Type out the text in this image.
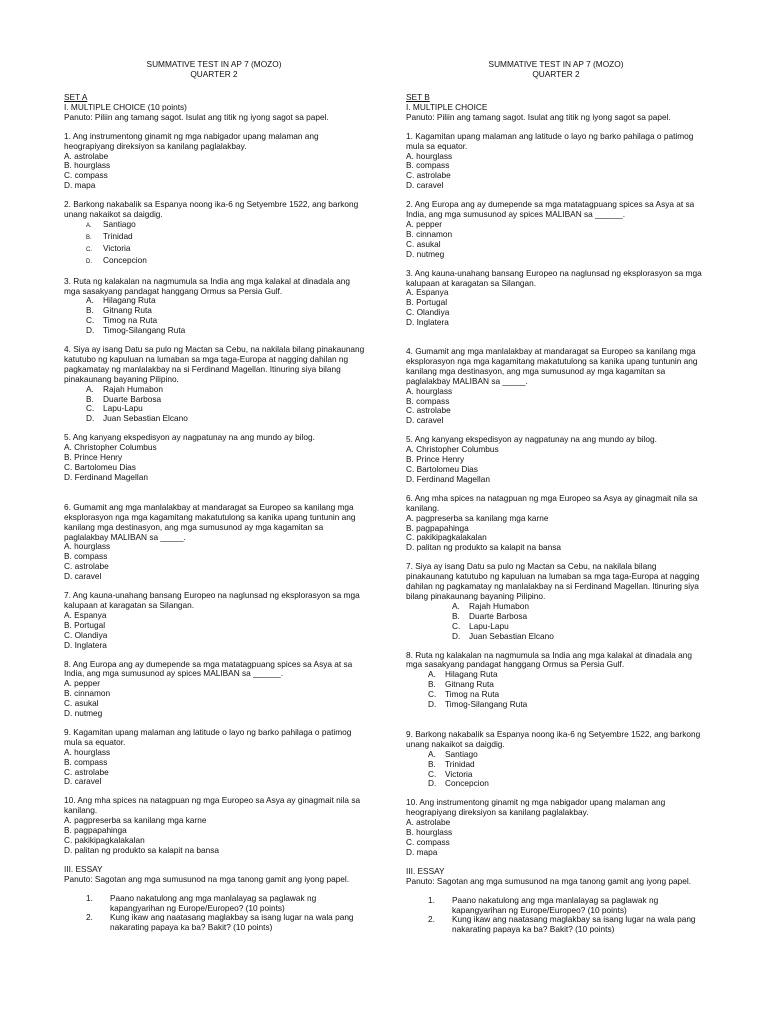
SUMMATIVE TEST IN AP 7 (MOZO)
QUARTER 2
SET A
I. MULTIPLE CHOICE (10 points)
Panuto: Piliin ang tamang sagot. Isulat ang titik ng iyong sagot sa papel.
1. Ang instrumentong ginamit ng mga nabigador upang malaman ang heograpiyang direksiyon sa kanilang paglalakbay.
A. astrolabe
B. hourglass
C. compass
D. mapa
2. Barkong nakabalik sa Espanya noong ika-6 ng Setyembre 1522, ang barkong unang nakaikot sa daigdig.
A. Santiago
B. Trinidad
C. Victoria
D. Concepcion
3. Ruta ng kalakalan na nagmumula sa India ang mga kalakal at dinadala ang mga sasakyang pandagat hanggang Ormus sa Persia Gulf.
A. Hilagang Ruta
B. Gitnang Ruta
C. Timog na Ruta
D. Timog-Silangang Ruta
4. Siya ay isang Datu sa pulo ng Mactan sa Cebu, na nakilala bilang pinakaunang katutubo ng kapuluan na lumaban sa mga taga-Europa at nagging dahilan ng pagkamatay ng manlalakbay na si Ferdinand Magellan. Itinuring siya bilang pinakaunang bayaning Pilipino.
A. Rajah Humabon
B. Duarte Barbosa
C. Lapu-Lapu
D. Juan Sebastian Elcano
5. Ang kanyang ekspedisyon ay nagpatunay na ang mundo ay bilog.
A. Christopher Columbus
B. Prince Henry
C. Bartolomeu Dias
D. Ferdinand Magellan
6. Gumamit ang mga manlalakbay at mandaragat sa Europeo sa kanilang mga eksplorasyon nga mga kagamitang makatutulong sa kanika upang tuntunin ang kanilang mga destinasyon, ang mga sumusunod ay mga kagamitan sa paglalakbay MALIBAN sa _____.
A. hourglass
B. compass
C. astrolabe
D. caravel
7. Ang kauna-unahang bansang Europeo na naglunsad ng eksplorasyon sa mga kalupaan at karagatan sa Silangan.
A. Espanya
B. Portugal
C. Olandiya
D. Inglatera
8. Ang Europa ang ay dumepende sa mga matatagpuang spices sa Asya at sa India, ang mga sumusunod ay spices MALIBAN sa ______.
A. pepper
B. cinnamon
C. asukal
D. nutmeg
9. Kagamitan upang malaman ang latitude o layo ng barko pahilaga o patimog mula sa equator.
A. hourglass
B. compass
C. astrolabe
D. caravel
10. Ang mha spices na natagpuan ng mga Europeo sa Asya ay ginagmait nila sa kanilang.
A. pagpreserba sa kanilang mga karne
B. pagpapahinga
C. pakikipagkalakalan
D. palitan ng produkto sa kalapit na bansa
III. ESSAY
Panuto: Sagotan ang mga sumusunod na mga tanong gamit ang iyong papel.
1.	Paano nakatulong ang mga manlalayag sa paglawak ng kapangyarihan ng Europe/Europeo? (10 points)
2.	Kung ikaw ang naatasang maglakbay sa isang lugar na wala pang nakarating papaya ka ba? Bakit? (10 points)
SUMMATIVE TEST IN AP 7 (MOZO)
QUARTER 2
SET B
I. MULTIPLE CHOICE
Panuto: Piliin ang tamang sagot. Isulat ang titik ng iyong sagot sa papel.
1. Kagamitan upang malaman ang latitude o layo ng barko pahilaga o patimog mula sa equator.
A. hourglass
B. compass
C. astrolabe
D. caravel
2. Ang Europa ang ay dumepende sa mga matatagpuang spices sa Asya at sa India, ang mga sumusunod ay spices MALIBAN sa ______.
A. pepper
B. cinnamon
C. asukal
D. nutmeg
3. Ang kauna-unahang bansang Europeo na naglunsad ng eksplorasyon sa mga kalupaan at karagatan sa Silangan.
A. Espanya
B. Portugal
C. Olandiya
D. Inglatera
4. Gumamit ang mga manlalakbay at mandaragat sa Europeo sa kanilang mga eksplorasyon nga mga kagamitang makatutulong sa kanika upang tuntunin ang kanilang mga destinasyon, ang mga sumusunod ay mga kagamitan sa paglalakbay MALIBAN sa _____.
A. hourglass
B. compass
C. astrolabe
D. caravel
5. Ang kanyang ekspedisyon ay nagpatunay na ang mundo ay bilog.
A. Christopher Columbus
B. Prince Henry
C. Bartolomeu Dias
D. Ferdinand Magellan
6. Ang mha spices na natagpuan ng mga Europeo sa Asya ay ginagmait nila sa kanilang.
A. pagpreserba sa kanilang mga karne
B. pagpapahinga
C. pakikipagkalakalan
D. palitan ng produkto sa kalapit na bansa
7. Siya ay isang Datu sa pulo ng Mactan sa Cebu, na nakilala bilang pinakaunang katutubo ng kapuluan na lumaban sa mga taga-Europa at nagging dahilan ng pagkamatay ng manlalakbay na si Ferdinand Magellan. Itinuring siya bilang pinakaunang bayaning Pilipino.
A. Rajah Humabon
B. Duarte Barbosa
C. Lapu-Lapu
D. Juan Sebastian Elcano
8. Ruta ng kalakalan na nagmumula sa India ang mga kalakal at dinadala ang mga sasakyang pandagat hanggang Ormus sa Persia Gulf.
A. Hilagang Ruta
B. Gitnang Ruta
C. Timog na Ruta
D. Timog-Silangang Ruta
9. Barkong nakabalik sa Espanya noong ika-6 ng Setyembre 1522, ang barkong unang nakaikot sa daigdig.
A. Santiago
B. Trinidad
C. Victoria
D. Concepcion
10. Ang instrumentong ginamit ng mga nabigador upang malaman ang heograpiyang direksiyon sa kanilang paglalakbay.
A. astrolabe
B. hourglass
C. compass
D. mapa
III. ESSAY
Panuto: Sagotan ang mga sumusunod na mga tanong gamit ang iyong papel.
1.	Paano nakatulong ang mga manlalayag sa paglawak ng kapangyarihan ng Europe/Europeo? (10 points)
2.	Kung ikaw ang naatasang maglakbay sa isang lugar na wala pang nakarating papaya ka ba? Bakit? (10 points)
